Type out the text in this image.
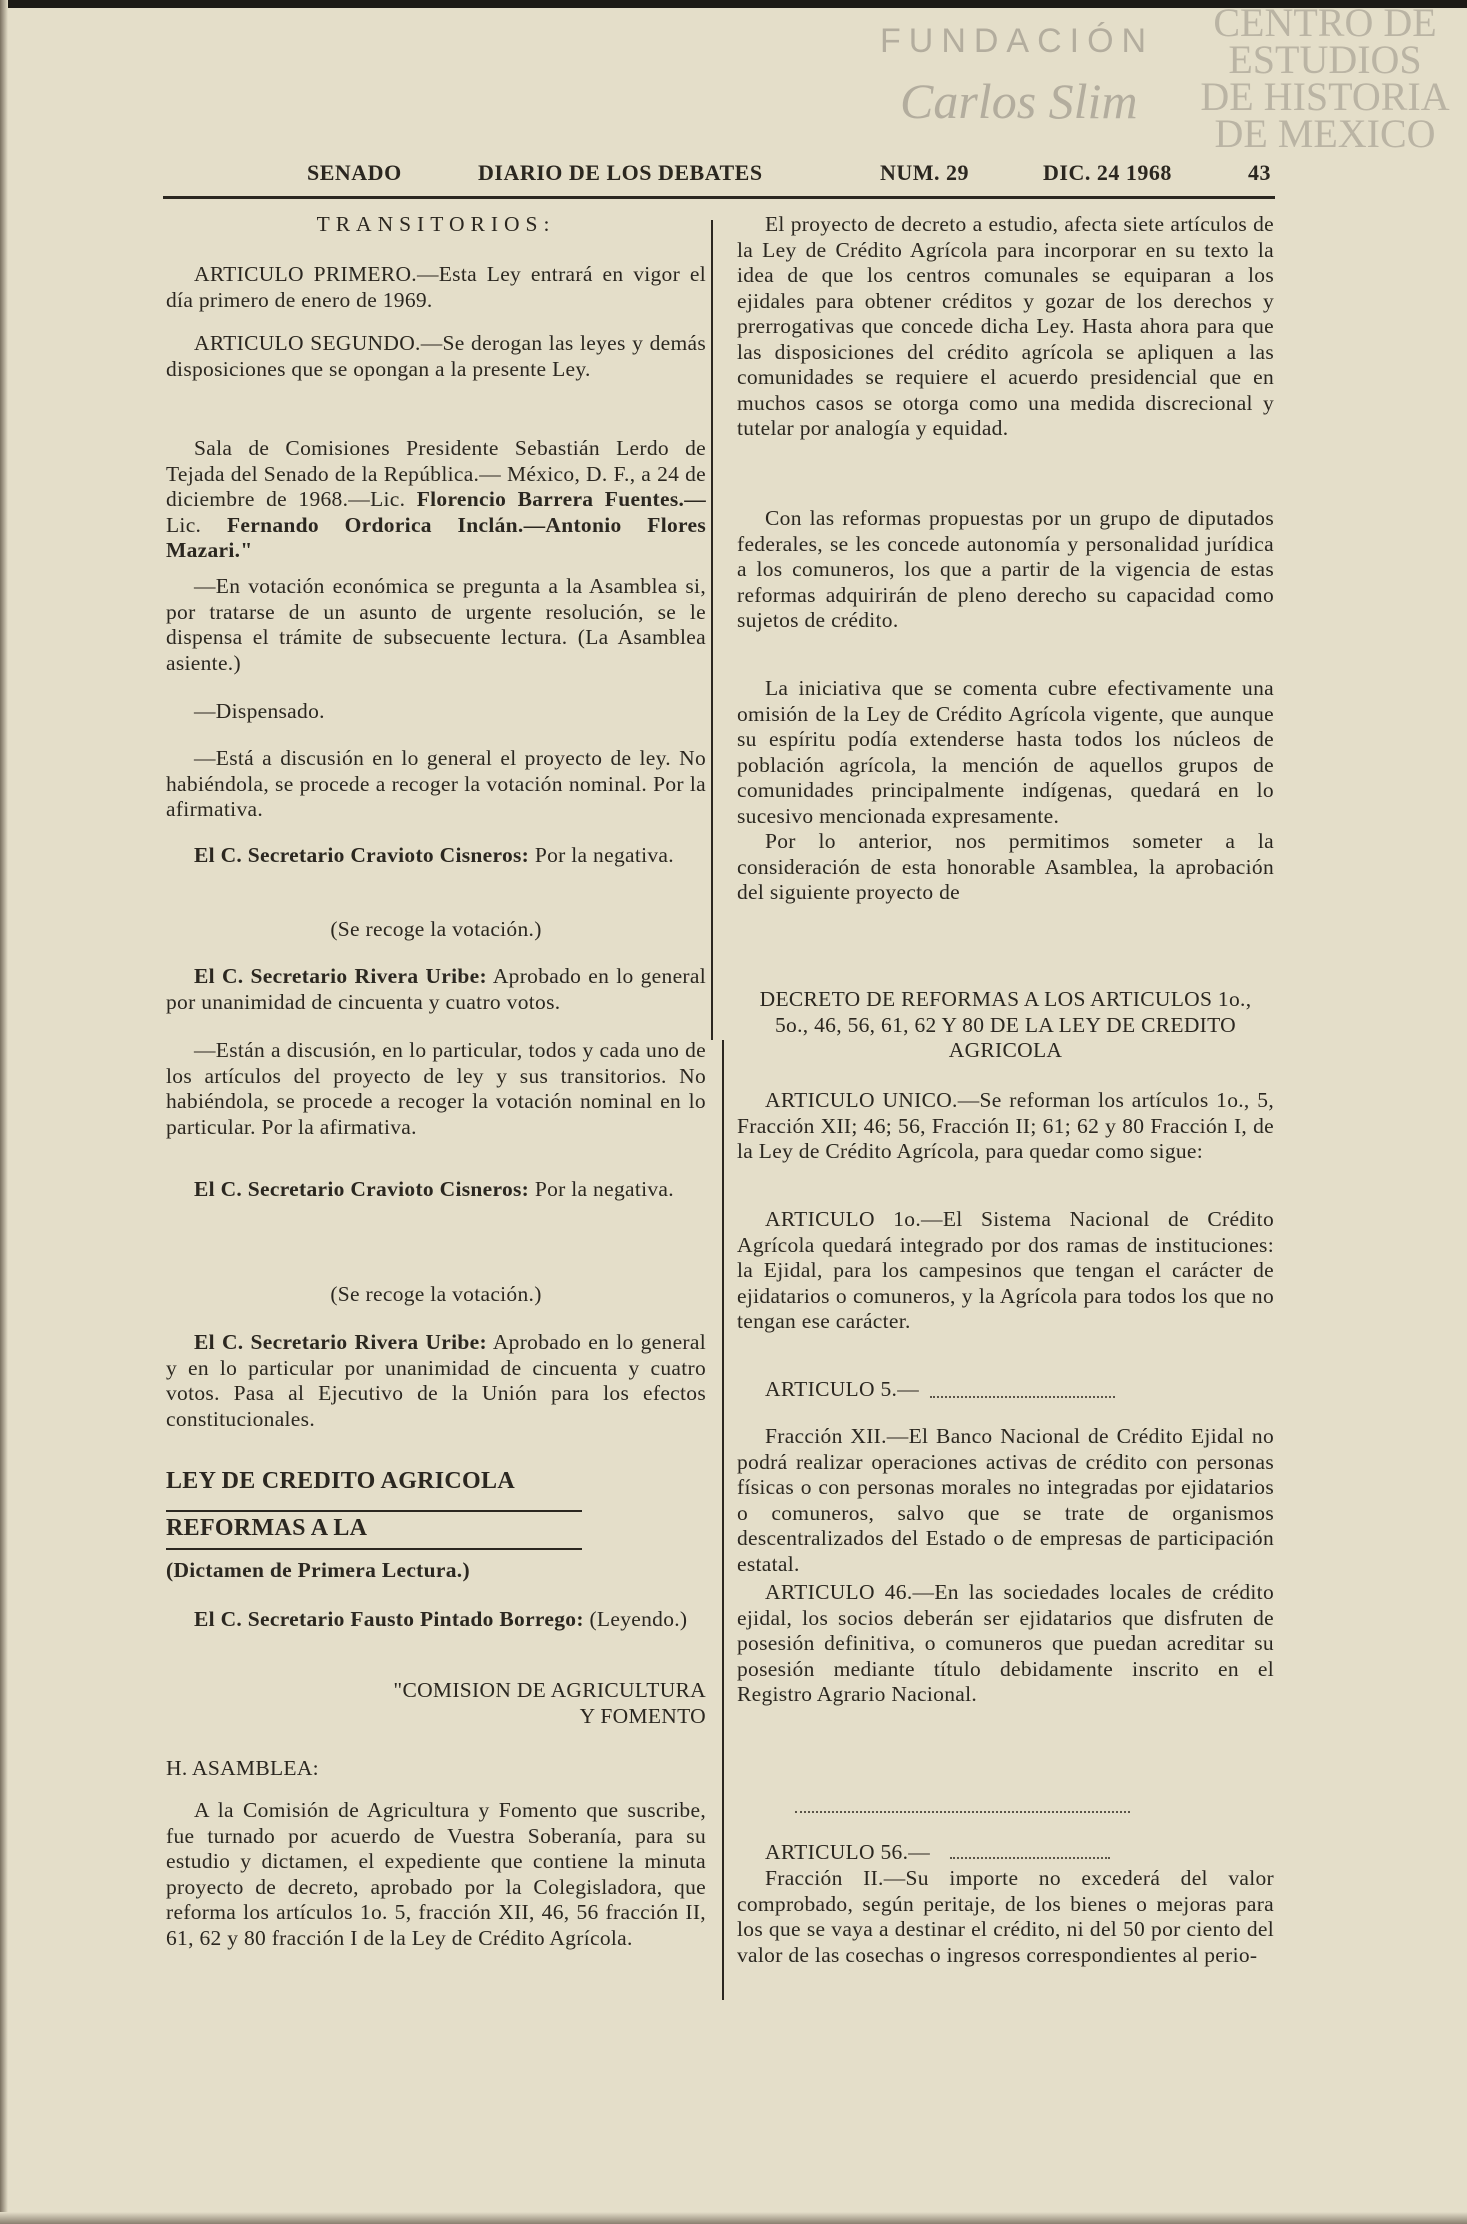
CENTRO DE
ESTUDIOS
DE HISTORIA
DE MEXICO
FUNDACIÓN
Carlos Slim
SENADO	DIARIO DE LOS DEBATES	NUM. 29	DIC. 24 1968	43
TRANSITORIOS:
ARTICULO PRIMERO.—Esta Ley entrará en vigor el día primero de enero de 1969.
ARTICULO SEGUNDO.—Se derogan las leyes y demás disposiciones que se opongan a la presente Ley.
Sala de Comisiones Presidente Sebastián Lerdo de Tejada del Senado de la República.— México, D. F., a 24 de diciembre de 1968.—Lic. Florencio Barrera Fuentes.—Lic. Fernando Ordorica Inclán.—Antonio Flores Mazari."
—En votación económica se pregunta a la Asamblea si, por tratarse de un asunto de urgente resolución, se le dispensa el trámite de subsecuente lectura. (La Asamblea asiente.)
—Dispensado.
—Está a discusión en lo general el proyecto de ley. No habiéndola, se procede a recoger la votación nominal. Por la afirmativa.
El C. Secretario Cravioto Cisneros: Por la negativa.
(Se recoge la votación.)
El C. Secretario Rivera Uribe: Aprobado en lo general por unanimidad de cincuenta y cuatro votos.
—Están a discusión, en lo particular, todos y cada uno de los artículos del proyecto de ley y sus transitorios. No habiéndola, se procede a recoger la votación nominal en lo particular. Por la afirmativa.
El C. Secretario Cravioto Cisneros: Por la negativa.
(Se recoge la votación.)
El C. Secretario Rivera Uribe: Aprobado en lo general y en lo particular por unanimidad de cincuenta y cuatro votos. Pasa al Ejecutivo de la Unión para los efectos constitucionales.
LEY DE CREDITO AGRICOLA
REFORMAS A LA
(Dictamen de Primera Lectura.)
El C. Secretario Fausto Pintado Borrego: (Leyendo.)
"COMISION DE AGRICULTURA
Y FOMENTO
H. ASAMBLEA:
A la Comisión de Agricultura y Fomento que suscribe, fue turnado por acuerdo de Vuestra Soberanía, para su estudio y dictamen, el expediente que contiene la minuta proyecto de decreto, aprobado por la Colegisladora, que reforma los artículos 1o. 5, fracción XII, 46, 56 fracción II, 61, 62 y 80 fracción I de la Ley de Crédito Agrícola.
El proyecto de decreto a estudio, afecta siete artículos de la Ley de Crédito Agrícola para incorporar en su texto la idea de que los centros comunales se equiparan a los ejidales para obtener créditos y gozar de los derechos y prerrogativas que concede dicha Ley. Hasta ahora para que las disposiciones del crédito agrícola se apliquen a las comunidades se requiere el acuerdo presidencial que en muchos casos se otorga como una medida discrecional y tutelar por analogía y equidad.
Con las reformas propuestas por un grupo de diputados federales, se les concede autonomía y personalidad jurídica a los comuneros, los que a partir de la vigencia de estas reformas adquirirán de pleno derecho su capacidad como sujetos de crédito.
La iniciativa que se comenta cubre efectivamente una omisión de la Ley de Crédito Agrícola vigente, que aunque su espíritu podía extenderse hasta todos los núcleos de población agrícola, la mención de aquellos grupos de comunidades principalmente indígenas, quedará en lo sucesivo mencionada expresamente.
Por lo anterior, nos permitimos someter a la consideración de esta honorable Asamblea, la aprobación del siguiente proyecto de
DECRETO DE REFORMAS A LOS ARTICULOS 1o., 5o., 46, 56, 61, 62 Y 80 DE LA LEY DE CREDITO AGRICOLA
ARTICULO UNICO.—Se reforman los artículos 1o., 5, Fracción XII; 46; 56, Fracción II; 61; 62 y 80 Fracción I, de la Ley de Crédito Agrícola, para quedar como sigue:
ARTICULO 1o.—El Sistema Nacional de Crédito Agrícola quedará integrado por dos ramas de instituciones: la Ejidal, para los campesinos que tengan el carácter de ejidatarios o comuneros, y la Agrícola para todos los que no tengan ese carácter.
ARTICULO 5.—
Fracción XII.—El Banco Nacional de Crédito Ejidal no podrá realizar operaciones activas de crédito con personas físicas o con personas morales no integradas por ejidatarios o comuneros, salvo que se trate de organismos descentralizados del Estado o de empresas de participación estatal.
ARTICULO 46.—En las sociedades locales de crédito ejidal, los socios deberán ser ejidatarios que disfruten de posesión definitiva, o comuneros que puedan acreditar su posesión mediante título debidamente inscrito en el Registro Agrario Nacional.
ARTICULO 56.—
Fracción II.—Su importe no excederá del valor comprobado, según peritaje, de los bienes o mejoras para los que se vaya a destinar el crédito, ni del 50 por ciento del valor de las cosechas o ingresos correspondientes al perio-
